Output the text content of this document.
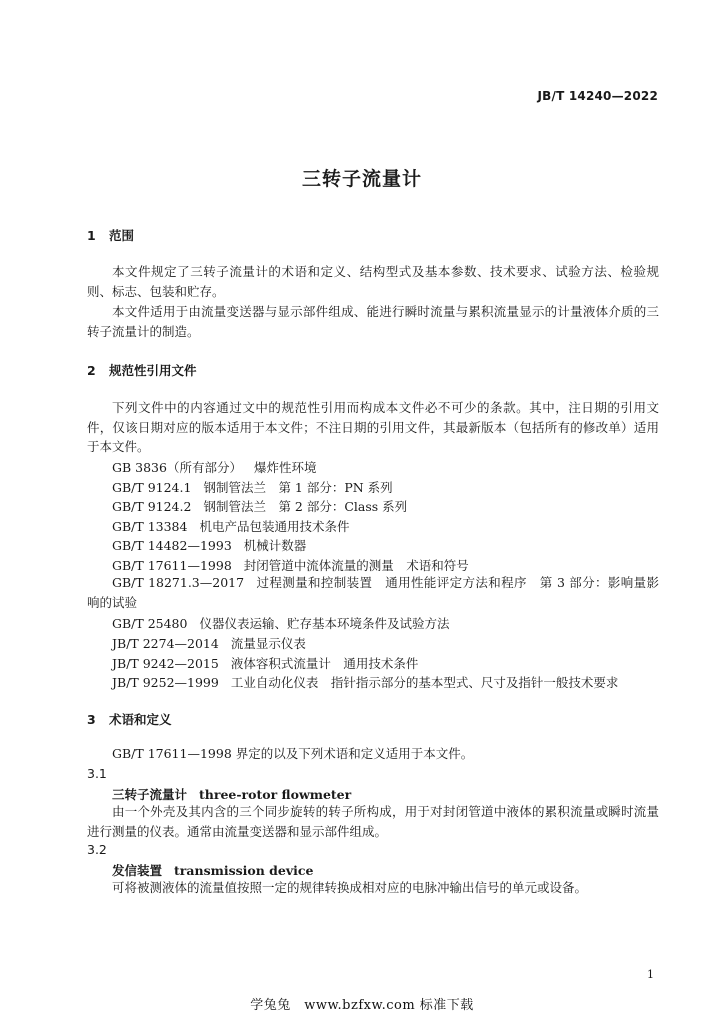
JB/T 14240—2022
三转子流量计
1 范围
本文件规定了三转子流量计的术语和定义、结构型式及基本参数、技术要求、试验方法、检验规则、标志、包装和贮存。
本文件适用于由流量变送器与显示部件组成、能进行瞬时流量与累积流量显示的计量液体介质的三转子流量计的制造。
2 规范性引用文件
下列文件中的内容通过文中的规范性引用而构成本文件必不可少的条款。其中，注日期的引用文件，仅该日期对应的版本适用于本文件；不注日期的引用文件，其最新版本（包括所有的修改单）适用于本文件。
GB 3836（所有部分） 爆炸性环境
GB/T 9124.1 钢制管法兰　第 1 部分：PN 系列
GB/T 9124.2 钢制管法兰　第 2 部分：Class 系列
GB/T 13384 机电产品包装通用技术条件
GB/T 14482—1993 机械计数器
GB/T 17611—1998 封闭管道中流体流量的测量　术语和符号
GB/T 18271.3—2017 过程测量和控制装置　通用性能评定方法和程序　第 3 部分：影响量影响的试验
GB/T 25480 仪器仪表运输、贮存基本环境条件及试验方法
JB/T 2274—2014 流量显示仪表
JB/T 9242—2015 液体容积式流量计　通用技术条件
JB/T 9252—1999 工业自动化仪表　指针指示部分的基本型式、尺寸及指针一般技术要求
3 术语和定义
GB/T 17611—1998 界定的以及下列术语和定义适用于本文件。
3.1
三转子流量计 three-rotor flowmeter
由一个外壳及其内含的三个同步旋转的转子所构成，用于对封闭管道中液体的累积流量或瞬时流量进行测量的仪表。通常由流量变送器和显示部件组成。
3.2
发信装置 transmission device
可将被测液体的流量值按照一定的规律转换成相对应的电脉冲输出信号的单元或设备。
1
学兔兔　www.bzfxw.com 标准下载
